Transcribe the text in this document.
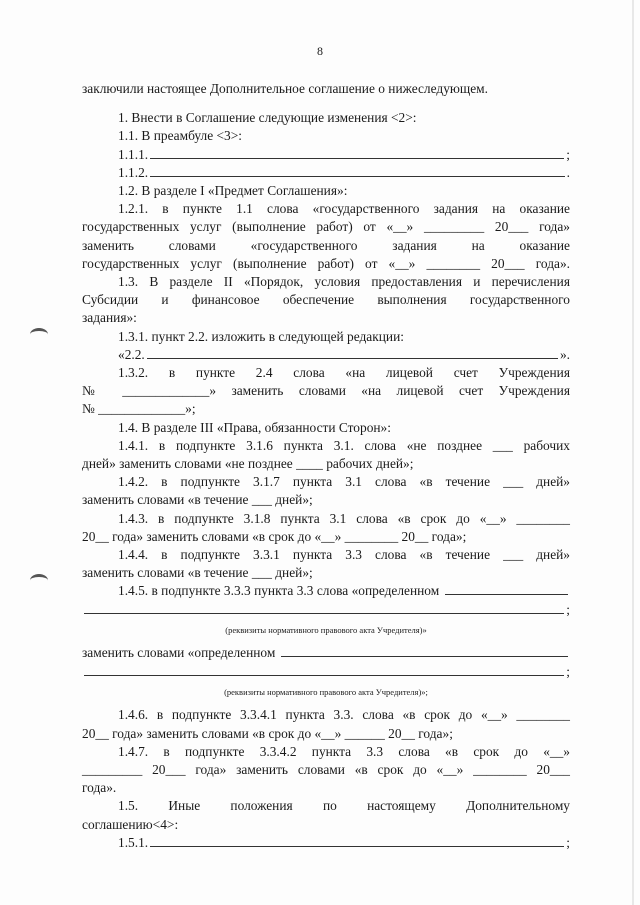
8

заключили настоящее Дополнительное соглашение о нижеследующем.

1. Внести в Соглашение следующие изменения <2>:

1.1. В преамбуле <3>:

1.1.1.	;
1.1.2.	.

1.2. В разделе I «Предмет Соглашения»:

1.2.1. в пункте 1.1 слова «государственного задания на оказание

государственных услуг (выполнение работ) от «__» _________ 20___ года»

заменить словами «государственного задания на оказание

государственных услуг (выполнение работ) от «__» ________ 20___ года».

1.3. В разделе II «Порядок, условия предоставления и перечисления

Субсидии и финансовое обеспечение выполнения государственного

задания»:

1.3.1. пункт 2.2. изложить в следующей редакции:

«2.2.	».

1.3.2. в пункте 2.4 слова «на лицевой счет Учреждения

№ _____________» заменить словами «на лицевой счет Учреждения

№ _____________»;

1.4. В разделе III «Права, обязанности Сторон»:

1.4.1. в подпункте 3.1.6 пункта 3.1. слова «не позднее ___ рабочих

дней» заменить словами «не позднее ____ рабочих дней»;

1.4.2. в подпункте 3.1.7 пункта 3.1 слова «в течение ___ дней»

заменить словами «в течение ___ дней»;

1.4.3. в подпункте 3.1.8 пункта 3.1 слова «в срок до «__» ________

20__ года» заменить словами «в срок до «__» ________ 20__ года»;

1.4.4. в подпункте 3.3.1 пункта 3.3 слова «в течение ___ дней»

заменить словами «в течение ___ дней»;

1.4.5. в подпункте 3.3.3 пункта 3.3 слова «определенном
;

(реквизиты нормативного правового акта Учредителя)»

заменить словами «определенном
;

(реквизиты нормативного правового акта Учредителя)»;

1.4.6. в подпункте 3.3.4.1 пункта 3.3. слова «в срок до «__» ________

20__ года» заменить словами «в срок до «__» ______ 20__ года»;

1.4.7. в подпункте 3.3.4.2 пункта 3.3 слова «в срок до «__»

_________ 20___ года» заменить словами «в срок до «__» ________ 20___

года».

1.5. Иные положения по настоящему Дополнительному

соглашению<4>:

1.5.1.	;
